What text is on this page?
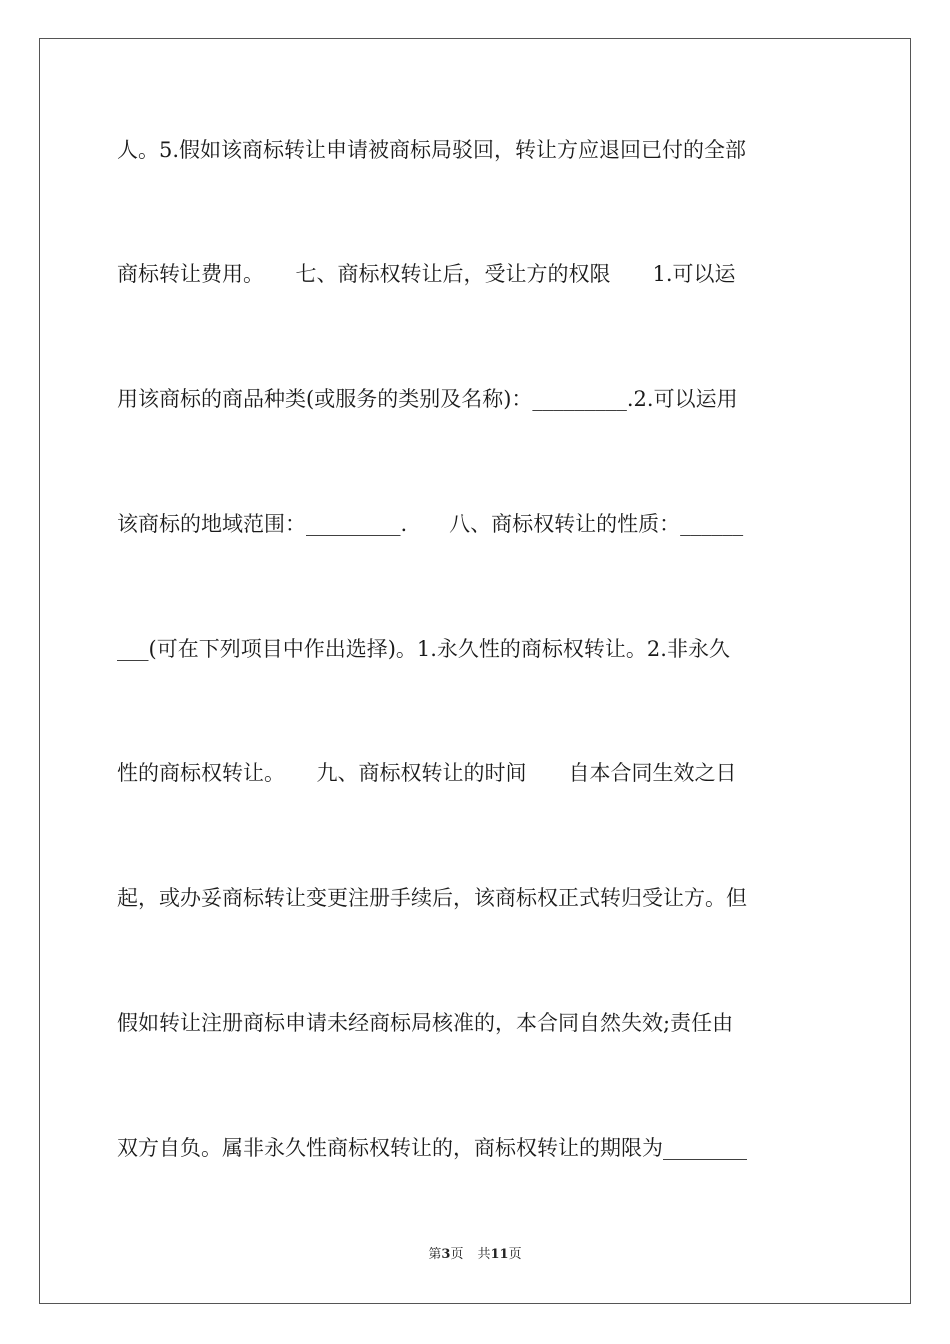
人。5.假如该商标转让申请被商标局驳回，转让方应退回已付的全部
商标转让费用。　　七、商标权转让后，受让方的权限　　1.可以运
用该商标的商品种类(或服务的类别及名称)：_________.2.可以运用
该商标的地域范围：_________.　　八、商标权转让的性质：______
___(可在下列项目中作出选择)。1.永久性的商标权转让。2.非永久
性的商标权转让。　　九、商标权转让的时间　　自本合同生效之日
起，或办妥商标转让变更注册手续后，该商标权正式转归受让方。但
假如转让注册商标申请未经商标局核准的，本合同自然失效;责任由
双方自负。属非永久性商标权转让的，商标权转让的期限为________
第3页 共11页
